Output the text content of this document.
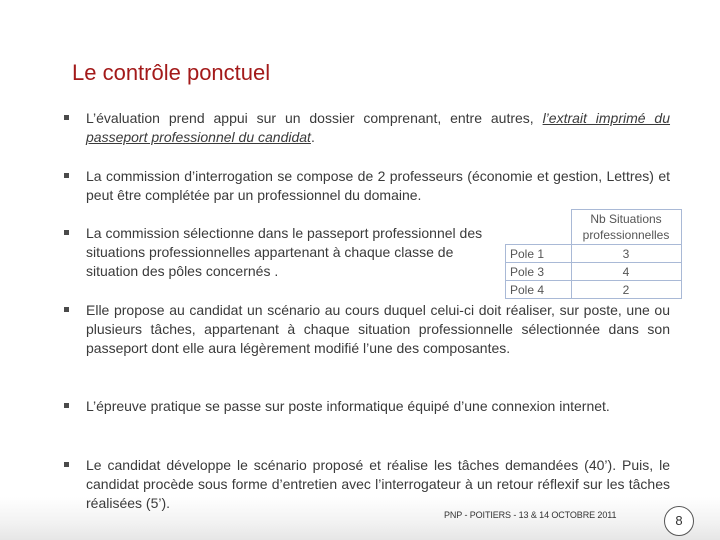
Le contrôle ponctuel
L’évaluation prend appui sur un dossier comprenant, entre autres, l’extrait imprimé du passeport professionnel du candidat.
La commission d’interrogation se compose de 2 professeurs (économie et gestion, Lettres) et peut être complétée par un professionnel du domaine.
La commission sélectionne dans le passeport professionnel des situations professionnelles appartenant à chaque classe de situation des pôles concernés .
	Nb Situations professionnelles
Pole 1	3
Pole 3	4
Pole 4	2
Elle propose au candidat un scénario au cours duquel celui-ci doit réaliser, sur poste, une ou plusieurs tâches, appartenant à chaque situation professionnelle sélectionnée dans son passeport dont elle aura légèrement modifié l’une des composantes.
L’épreuve pratique se passe sur poste informatique équipé d’une connexion internet.
Le candidat développe le scénario proposé et réalise les tâches demandées (40’). Puis, le candidat procède sous forme d’entretien avec l’interrogateur à un retour réflexif sur les tâches réalisées (5’).
PNP - POITIERS - 13 & 14 OCTOBRE 2011	8
